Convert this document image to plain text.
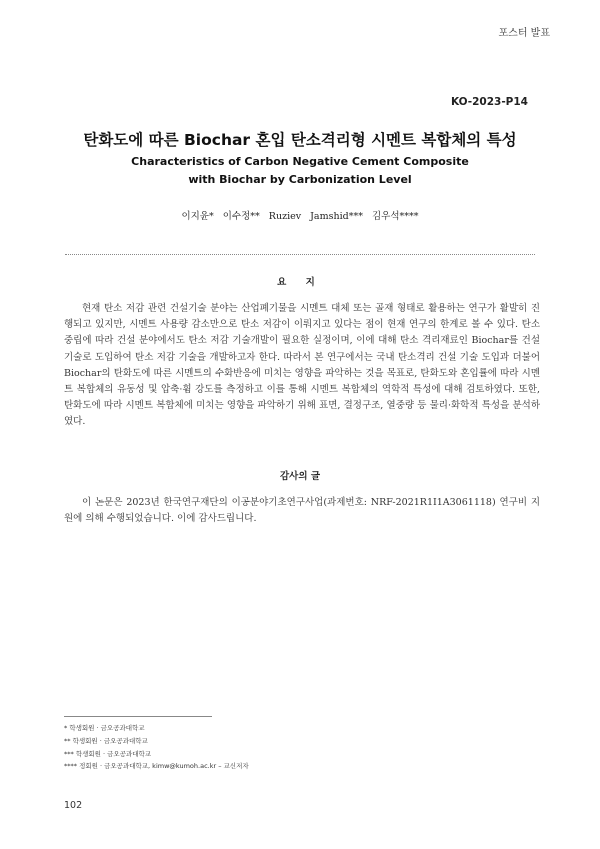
포스터 발표
KO-2023-P14
탄화도에 따른 Biochar 혼입 탄소격리형 시멘트 복합체의 특성
Characteristics of Carbon Negative Cement Composite
with Biochar by Carbonization Level
이지윤* 이수정** Ruziev Jamshid*** 김우석****
요 지
현재 탄소 저감 관련 건설기술 분야는 산업폐기물을 시멘트 대체 또는 골재 형태로 활용하는 연구가 활발히 진행되고 있지만, 시멘트 사용량 감소만으로 탄소 저감이 이뤄지고 있다는 점이 현재 연구의 한계로 볼 수 있다. 탄소 중립에 따라 건설 분야에서도 탄소 저감 기술개발이 필요한 실정이며, 이에 대해 탄소 격리재료인 Biochar를 건설기술로 도입하여 탄소 저감 기술을 개발하고자 한다. 따라서 본 연구에서는 국내 탄소격리 건설 기술 도입과 더불어 Biochar의 탄화도에 따른 시멘트의 수화반응에 미치는 영향을 파악하는 것을 목표로, 탄화도와 혼입률에 따라 시멘트 복합체의 유동성 및 압축·휨 강도를 측정하고 이를 통해 시멘트 복합체의 역학적 특성에 대해 검토하였다. 또한, 탄화도에 따라 시멘트 복합체에 미치는 영향을 파악하기 위해 표면, 결정구조, 열중량 등 물리·화학적 특성을 분석하였다.
감사의 글
이 논문은 2023년 한국연구재단의 이공분야기초연구사업(과제번호: NRF-2021R1I1A3061118) 연구비 지원에 의해 수행되었습니다. 이에 감사드립니다.
* 학생회원 · 금오공과대학교
** 학생회원 · 금오공과대학교
*** 학생회원 · 금오공과대학교
**** 정회원 · 금오공과대학교, kimw@kumoh.ac.kr – 교신저자
102
